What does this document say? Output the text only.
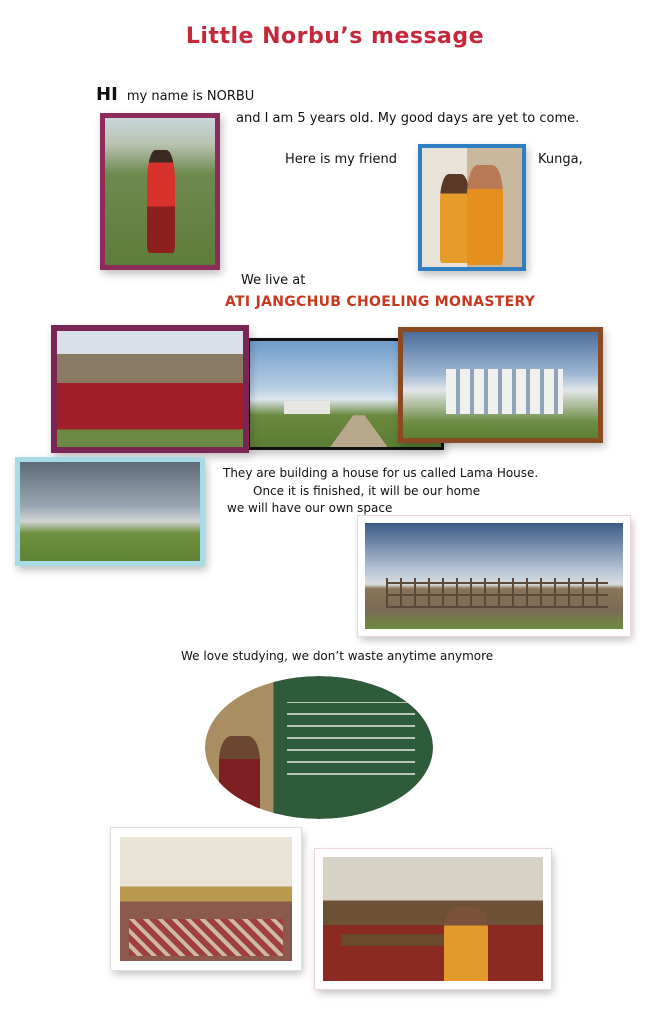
Little Norbu’s message
HI my name is NORBU
and I am 5 years old. My good days are yet to come.
Here is my friend	Kunga,
We live at
ATI JANGCHUB CHOELING MONASTERY
They are building a house for us called Lama House.
Once it is finished, it will be our home
we will have our own space
We love studying, we don’t waste anytime anymore
